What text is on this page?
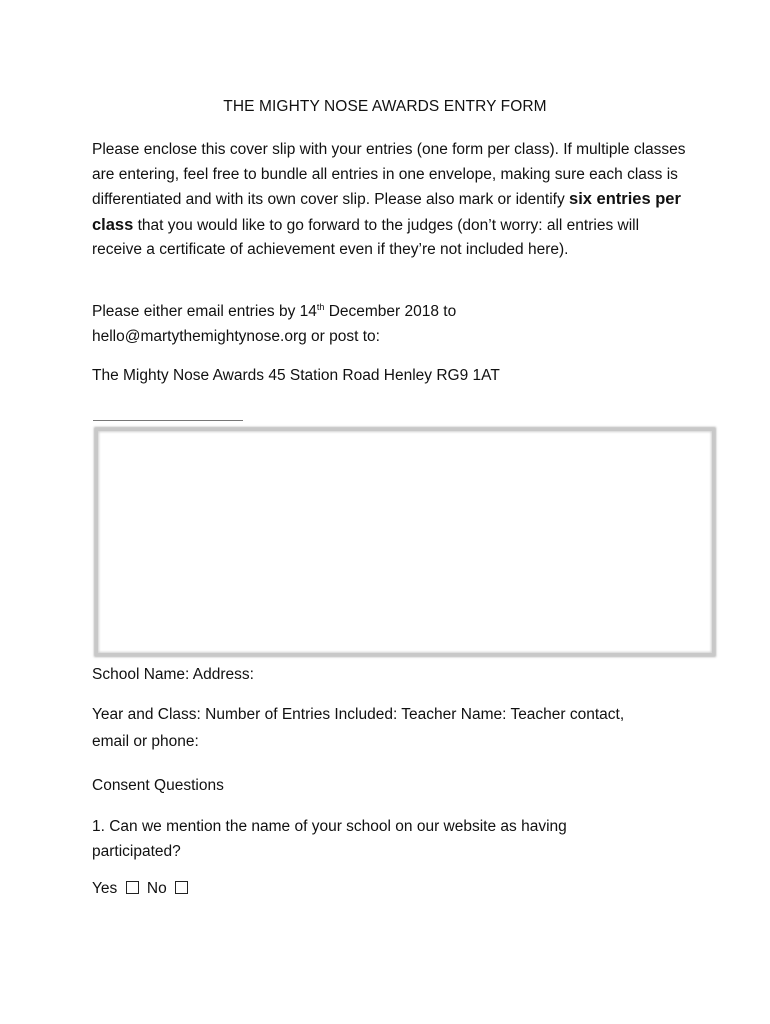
THE MIGHTY NOSE AWARDS ENTRY FORM
Please enclose this cover slip with your entries (one form per class). If multiple classes are entering, feel free to bundle all entries in one envelope, making sure each class is differentiated and with its own cover slip. Please also mark or identify six entries per class that you would like to go forward to the judges (don’t worry: all entries will receive a certificate of achievement even if they’re not included here).
Please either email entries by 14th December 2018 to
hello@martythemightynose.org or post to:
The Mighty Nose Awards 45 Station Road Henley RG9 1AT
School Name: Address:
Year and Class: Number of Entries Included: Teacher Name: Teacher contact,
email or phone:
Consent Questions
1. Can we mention the name of your school on our website as having
participated?
Yes No
